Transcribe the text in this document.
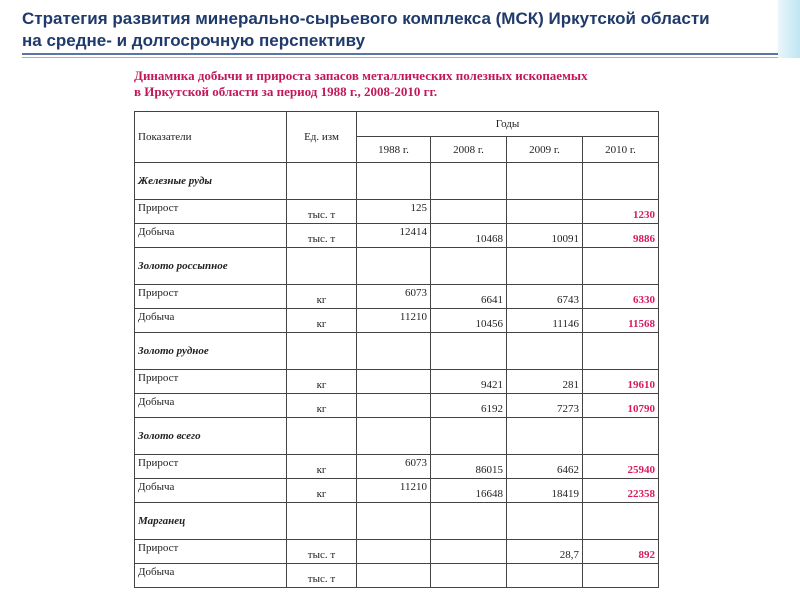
Стратегия развития минерально-сырьевого комплекса (МСК) Иркутской области
на средне- и долгосрочную перспективу
Динамика добычи и прироста запасов металлических полезных ископаемых
в Иркутской области за период 1988 г., 2008-2010 гг.
Показатели	Ед. изм	Годы			
		1988 г.	2008 г.	2009 г.	2010 г.
Железные руды					
Прирост	тыс. т	125			1230
Добыча	тыс. т	12414	10468	10091	9886
Золото россыпное					
Прирост	кг	6073	6641	6743	6330
Добыча	кг	11210	10456	11146	11568
Золото рудное					
Прирост	кг		9421	281	19610
Добыча	кг		6192	7273	10790
Золото всего					
Прирост	кг	6073	86015	6462	25940
Добыча	кг	11210	16648	18419	22358
Марганец					
Прирост	тыс. т			28,7	892
Добыча	тыс. т				
